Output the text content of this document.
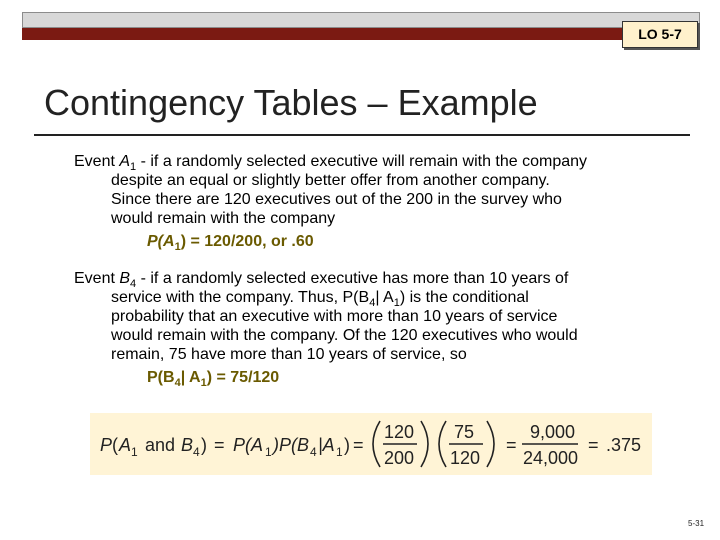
LO 5-7
Contingency Tables – Example

Event $A_1$ - if a randomly selected executive will remain with the company
despite an equal or slightly better offer from another company.
Since there are 120 executives out of the 200 in the survey who
would remain with the company

$P(A_1) = 120/200$, or .60

Event $B_4$ - if a randomly selected executive has more than 10 years of
service with the company. Thus, $P(B_4|$ $A_1$) is the conditional
probability that an executive with more than 10 years of service
would remain with the company. Of the 120 executives who would
remain, 75 have more than 10 years of service, so

$P(B_4|$ $A_1) = 75/120$

P ( A 1 and B 4 ) = P(A 1 )P(B 4 |A 1 ) =
120
200
75
120
=
9,000
24,000
= .375
5-31
